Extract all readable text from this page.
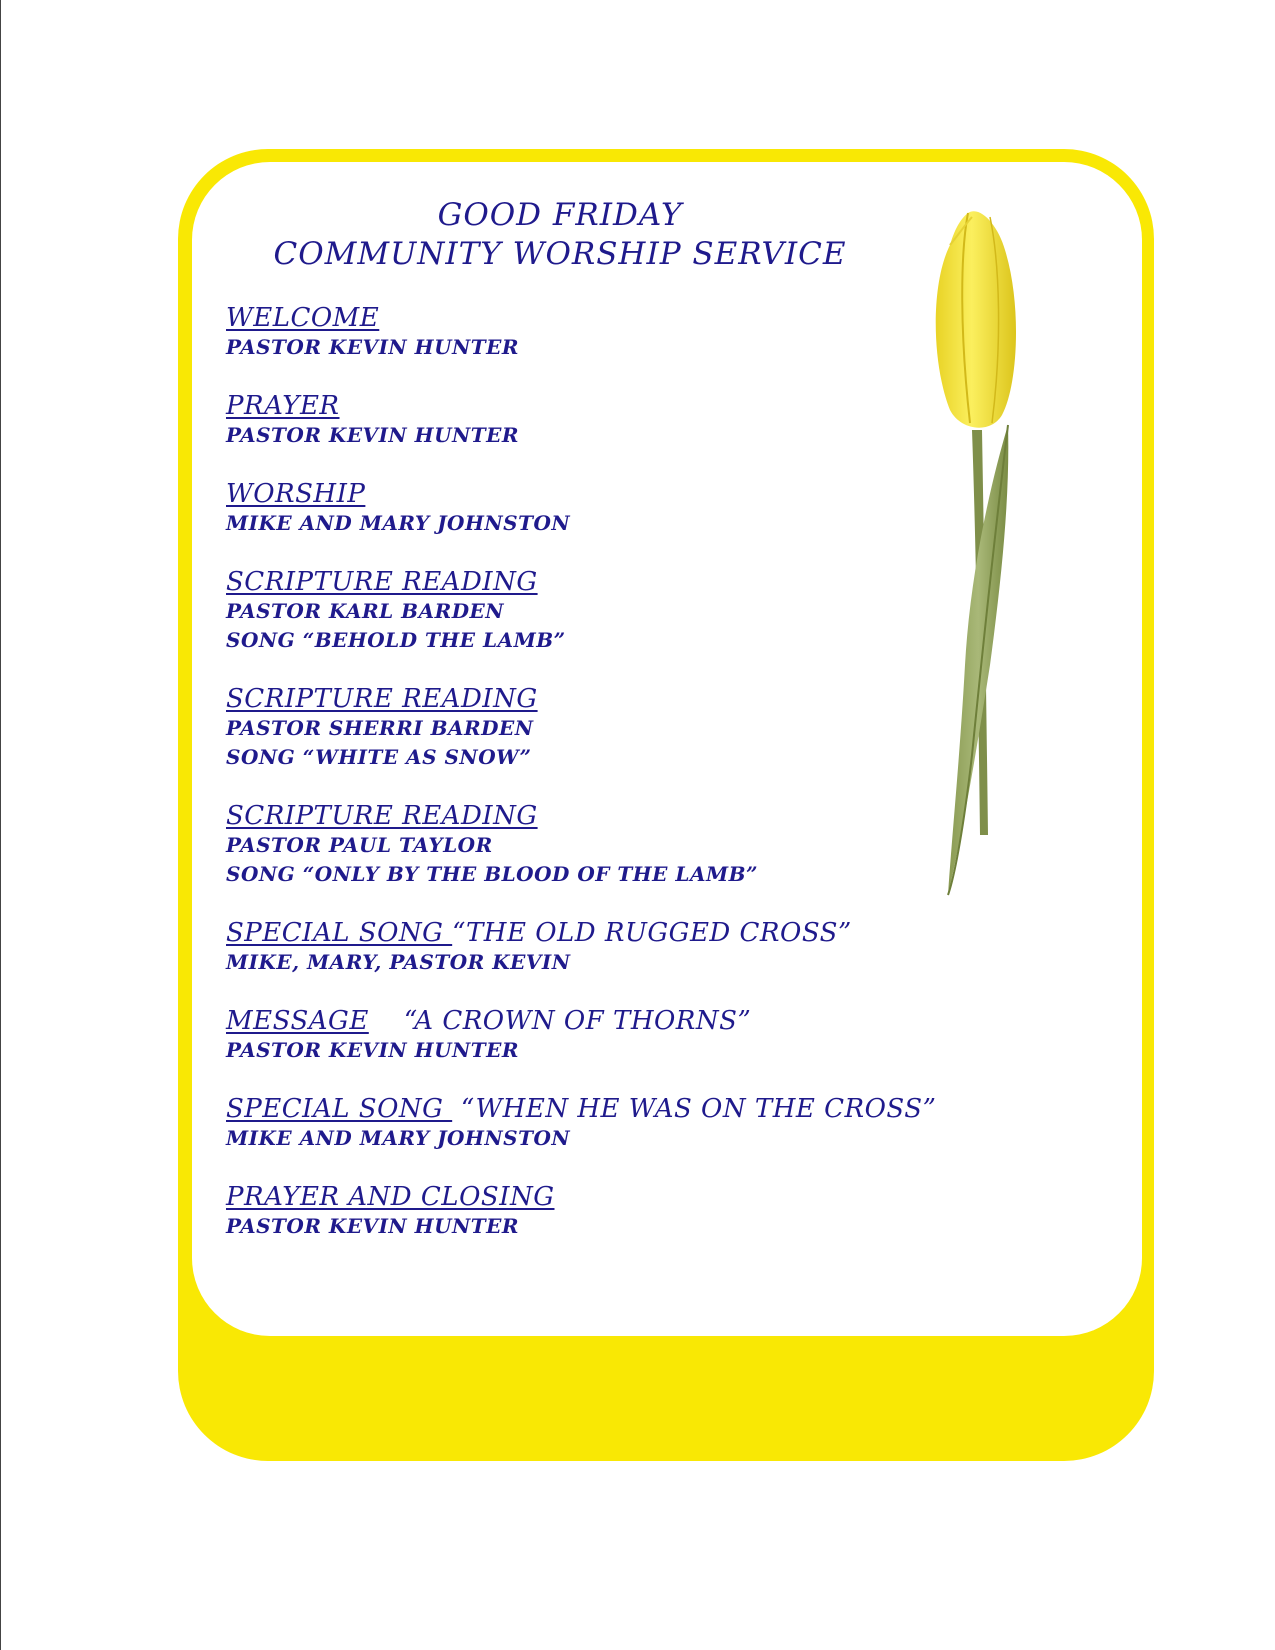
GOOD FRIDAY
COMMUNITY WORSHIP SERVICE
WELCOME
PASTOR KEVIN HUNTER
PRAYER
PASTOR KEVIN HUNTER
WORSHIP
MIKE AND MARY JOHNSTON
SCRIPTURE READING
PASTOR KARL BARDEN
SONG “BEHOLD THE LAMB”
SCRIPTURE READING
PASTOR SHERRI BARDEN
SONG “WHITE AS SNOW”
SCRIPTURE READING
PASTOR PAUL TAYLOR
SONG “ONLY BY THE BLOOD OF THE LAMB”
SPECIAL SONG “THE OLD RUGGED CROSS”
MIKE, MARY, PASTOR KEVIN
MESSAGE    “A CROWN OF THORNS”
PASTOR KEVIN HUNTER
SPECIAL SONG  “WHEN HE WAS ON THE CROSS”
MIKE AND MARY JOHNSTON
PRAYER AND CLOSING
PASTOR KEVIN HUNTER
